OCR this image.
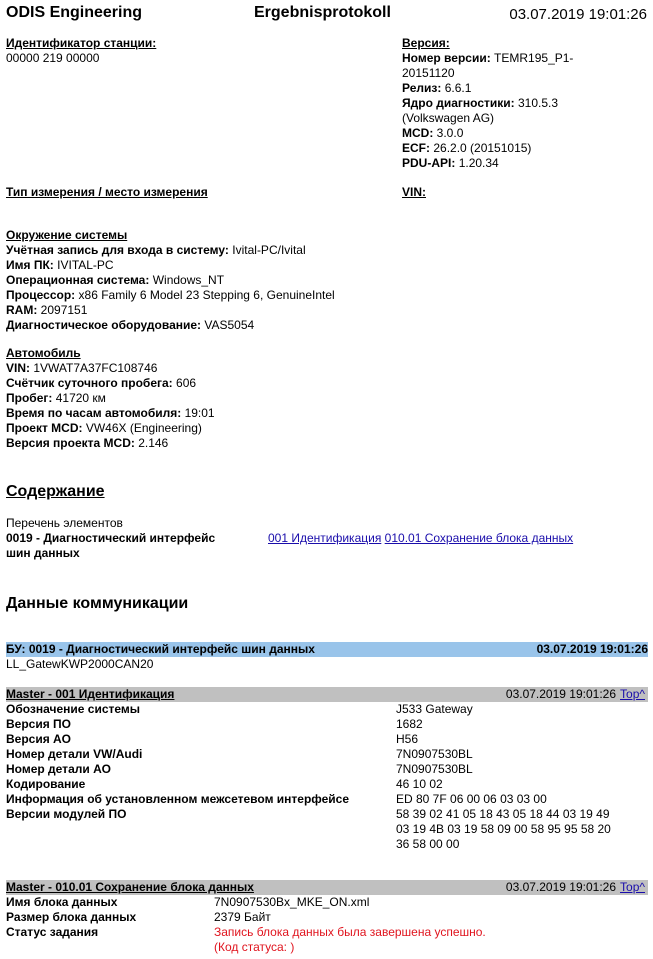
ODIS Engineering	Ergebnisprotokoll	03.07.2019 19:01:26
Идентификатор станции:
00000 219 00000
Версия:
Номер версии: TEMR195_P1-
20151120
Релиз: 6.6.1
Ядро диагностики: 310.5.3
(Volkswagen AG)
MCD: 3.0.0
ECF: 26.2.0 (20151015)
PDU-API: 1.20.34
Тип измерения / место измерения	VIN:
Окружение системы
Учётная запись для входа в систему: Ivital-PC/Ivital
Имя ПК: IVITAL-PC
Операционная система: Windows_NT
Процессор: x86 Family 6 Model 23 Stepping 6, GenuineIntel
RAM: 2097151
Диагностическое оборудование: VAS5054
Автомобиль
VIN: 1VWAT7A37FC108746
Счётчик суточного пробега: 606
Пробег: 41720 км
Время по часам автомобиля: 19:01
Проект MCD: VW46X (Engineering)
Версия проекта MCD: 2.146
Содержание
Перечень элементов
0019 - Диагностический интерфейс
шин данных
001 Идентификация 010.01 Сохранение блока данных
Данные коммуникации
БУ: 0019 - Диагностический интерфейс шин данных	03.07.2019 19:01:26
LL_GatewKWP2000CAN20
Master - 001 Идентификация	03.07.2019 19:01:26 Top^
Обозначение системы	J533 Gateway
Версия ПО	1682
Версия АО	H56
Номер детали VW/Audi	7N0907530BL
Номер детали АО	7N0907530BL
Кодирование	46 10 02
Информация об установленном межсетевом интерфейсе	ED 80 7F 06 00 06 03 03 00
Версии модулей ПО	58 39 02 41 05 18 43 05 18 44 03 19 49
03 19 4B 03 19 58 09 00 58 95 95 58 20
36 58 00 00
Master - 010.01 Сохранение блока данных	03.07.2019 19:01:26 Top^
Имя блока данных	7N0907530Bx_MKE_ON.xml
Размер блока данных	2379 Байт
Статус задания	Запись блока данных была завершена успешно.
(Код статуса: )
